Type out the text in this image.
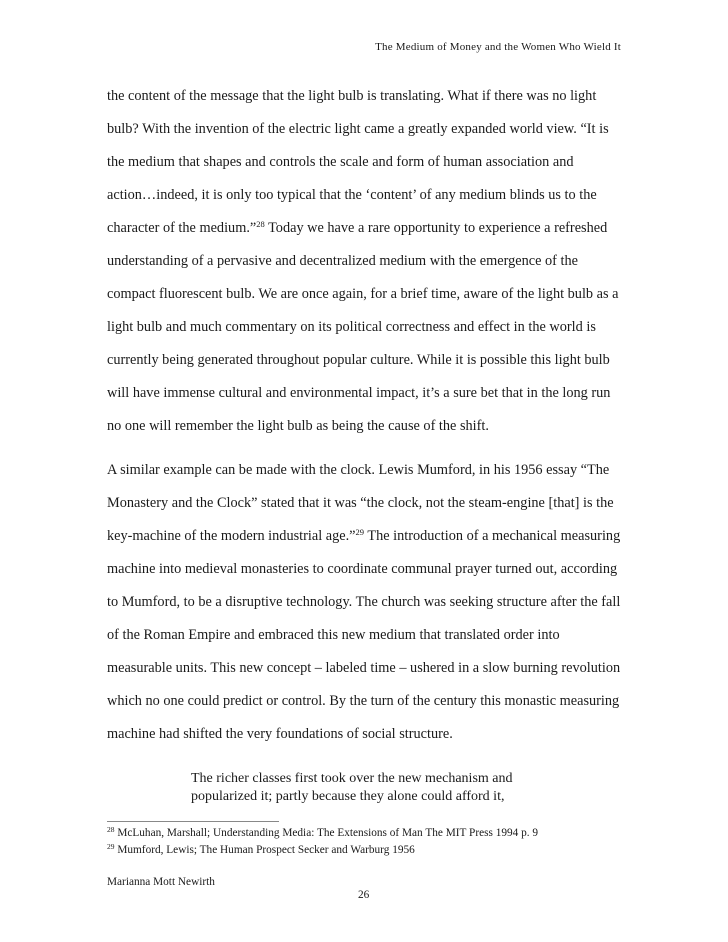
The Medium of Money and the Women Who Wield It
the content of the message that the light bulb is translating. What if there was no light
bulb? With the invention of the electric light came a greatly expanded world view. “It is
the medium that shapes and controls the scale and form of human association and
action…indeed, it is only too typical that the ‘content’ of any medium blinds us to the
character of the medium.”$^{28}$ Today we have a rare opportunity to experience a refreshed
understanding of a pervasive and decentralized medium with the emergence of the
compact fluorescent bulb. We are once again, for a brief time, aware of the light bulb as a
light bulb and much commentary on its political correctness and effect in the world is
currently being generated throughout popular culture. While it is possible this light bulb
will have immense cultural and environmental impact, it’s a sure bet that in the long run
no one will remember the light bulb as being the cause of the shift.
A similar example can be made with the clock. Lewis Mumford, in his 1956 essay “The
Monastery and the Clock” stated that it was “the clock, not the steam-engine [that] is the
key-machine of the modern industrial age.”$^{29}$ The introduction of a mechanical measuring
machine into medieval monasteries to coordinate communal prayer turned out, according
to Mumford, to be a disruptive technology. The church was seeking structure after the fall
of the Roman Empire and embraced this new medium that translated order into
measurable units. This new concept – labeled time – ushered in a slow burning revolution
which no one could predict or control. By the turn of the century this monastic measuring
machine had shifted the very foundations of social structure.
The richer classes first took over the new mechanism and
popularized it; partly because they alone could afford it,
$^{28}$ McLuhan, Marshall; Understanding Media: The Extensions of Man The MIT Press 1994 p. 9
$^{29}$ Mumford, Lewis; The Human Prospect Secker and Warburg 1956
Marianna Mott Newirth
26
